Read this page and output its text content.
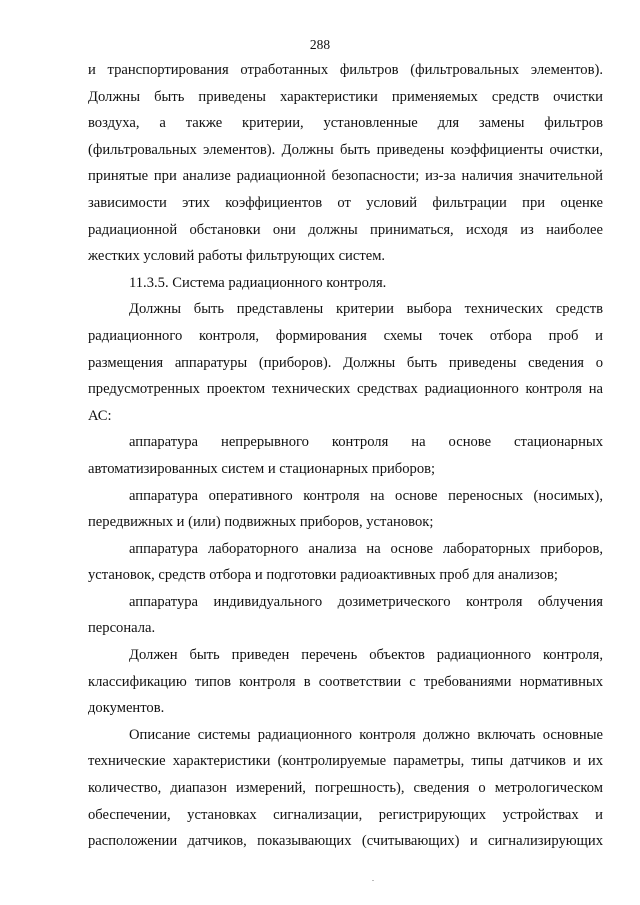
288

и транспортирования отработанных фильтров (фильтровальных элементов).
Должны быть приведены характеристики применяемых средств очистки
воздуха, а также критерии, установленные для замены фильтров
(фильтровальных элементов). Должны быть приведены коэффициенты очистки,
принятые при анализе радиационной безопасности; из-за наличия значительной
зависимости этих коэффициентов от условий фильтрации при оценке
радиационной обстановки они должны приниматься, исходя из наиболее
жестких условий работы фильтрующих систем.

11.3.5. Система радиационного контроля.

Должны быть представлены критерии выбора технических средств
радиационного контроля, формирования схемы точек отбора проб и
размещения аппаратуры (приборов). Должны быть приведены сведения о
предусмотренных проектом технических средствах радиационного контроля на
АС:

аппаратура непрерывного контроля на основе стационарных
автоматизированных систем и стационарных приборов;

аппаратура оперативного контроля на основе переносных (носимых),
передвижных и (или) подвижных приборов, установок;

аппаратура лабораторного анализа на основе лабораторных приборов,
установок, средств отбора и подготовки радиоактивных проб для анализов;

аппаратура индивидуального дозиметрического контроля облучения
персонала.

Должен быть приведен перечень объектов радиационного контроля,
классификацию типов контроля в соответствии с требованиями нормативных
документов.

Описание системы радиационного контроля должно включать основные
технические характеристики (контролируемые параметры, типы датчиков и их
количество, диапазон измерений, погрешность), сведения о метрологическом
обеспечении, установках сигнализации, регистрирующих устройствах и
расположении датчиков, показывающих (считывающих) и сигнализирующих
